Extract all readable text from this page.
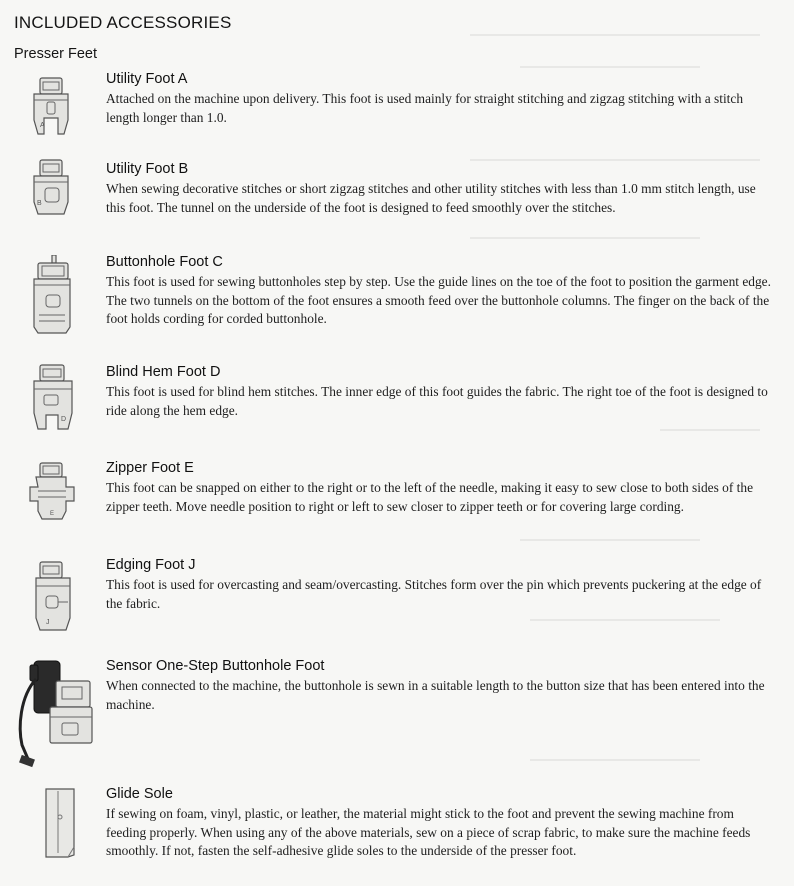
INCLUDED ACCESSORIES
Presser Feet
A
Utility Foot A

Attached on the machine upon delivery. This foot is used mainly for straight stitching and zigzag stitching with a stitch length longer than 1.0.

B
Utility Foot B

When sewing decorative stitches or short zigzag stitches and other utility stitches with less than 1.0 mm stitch length, use this foot. The tunnel on the underside of the foot is designed to feed smoothly over the stitches.

Buttonhole Foot C

This foot is used for sewing buttonholes step by step. Use the guide lines on the toe of the foot to position the garment edge. The two tunnels on the bottom of the foot ensures a smooth feed over the buttonhole columns. The finger on the back of the foot holds cording for corded buttonhole.

D
Blind Hem Foot D

This foot is used for blind hem stitches. The inner edge of this foot guides the fabric. The right toe of the foot is designed to ride along the hem edge.

E
Zipper Foot E

This foot can be snapped on either to the right or to the left of the needle, making it easy to sew close to both sides of the zipper teeth. Move needle position to right or left to sew closer to zipper teeth or for covering large cording.

J
Edging Foot J

This foot is used for overcasting and seam/overcasting. Stitches form over the pin which prevents puckering at the edge of the fabric.

Sensor One-Step Buttonhole Foot

When connected to the machine, the buttonhole is sewn in a suitable length to the button size that has been entered into the machine.

Glide Sole

If sewing on foam, vinyl, plastic, or leather, the material might stick to the foot and prevent the sewing machine from feeding properly. When using any of the above materials, sew on a piece of scrap fabric, to make sure the machine feeds smoothly. If not, fasten the self-adhesive glide soles to the underside of the presser foot.
